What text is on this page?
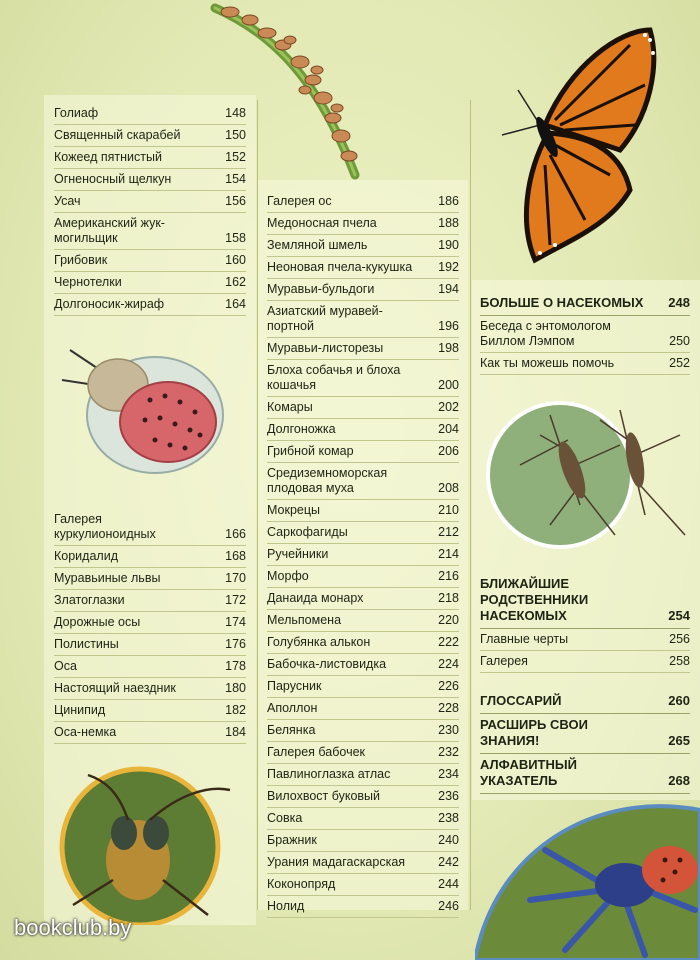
Голиаф	148
Священный скарабей	150
Кожеед пятнистый	152
Огненосный щелкун	154
Усач	156
Американский жук-могильщик	158
Грибовик	160
Чернотелки	162
Долгоносик-жираф	164
Галерея куркулионоидных	166
Коридалид	168
Муравьиные львы	170
Златоглазки	172
Дорожные осы	174
Полистины	176
Оса	178
Настоящий наездник	180
Цинипид	182
Оса-немка	184
Галерея ос	186
Медоносная пчела	188
Земляной шмель	190
Неоновая пчела-кукушка	192
Муравьи-бульдоги	194
Азиатский муравей-портной	196
Муравьи-листорезы	198
Блоха собачья и блоха кошачья	200
Комары	202
Долгоножка	204
Грибной комар	206
Средиземноморская плодовая муха	208
Мокрецы	210
Саркофагиды	212
Ручейники	214
Морфо	216
Данаида монарх	218
Мельпомена	220
Голубянка алькон	222
Бабочка-листовидка	224
Парусник	226
Аполлон	228
Белянка	230
Галерея бабочек	232
Павлиноглазка атлас	234
Вилохвост буковый	236
Совка	238
Бражник	240
Урания мадагаскарская	242
Коконопряд	244
Нолид	246
БОЛЬШЕ О НАСЕКОМЫХ	248
Беседа с энтомологом Биллом Лэмпом	250
Как ты можешь помочь	252
БЛИЖАЙШИЕ РОДСТВЕННИКИ НАСЕКОМЫХ	254
Главные черты	256
Галерея	258
ГЛОССАРИЙ	260
РАСШИРЬ СВОИ ЗНАНИЯ!	265
АЛФАВИТНЫЙ УКАЗАТЕЛЬ	268
bookclub.by
